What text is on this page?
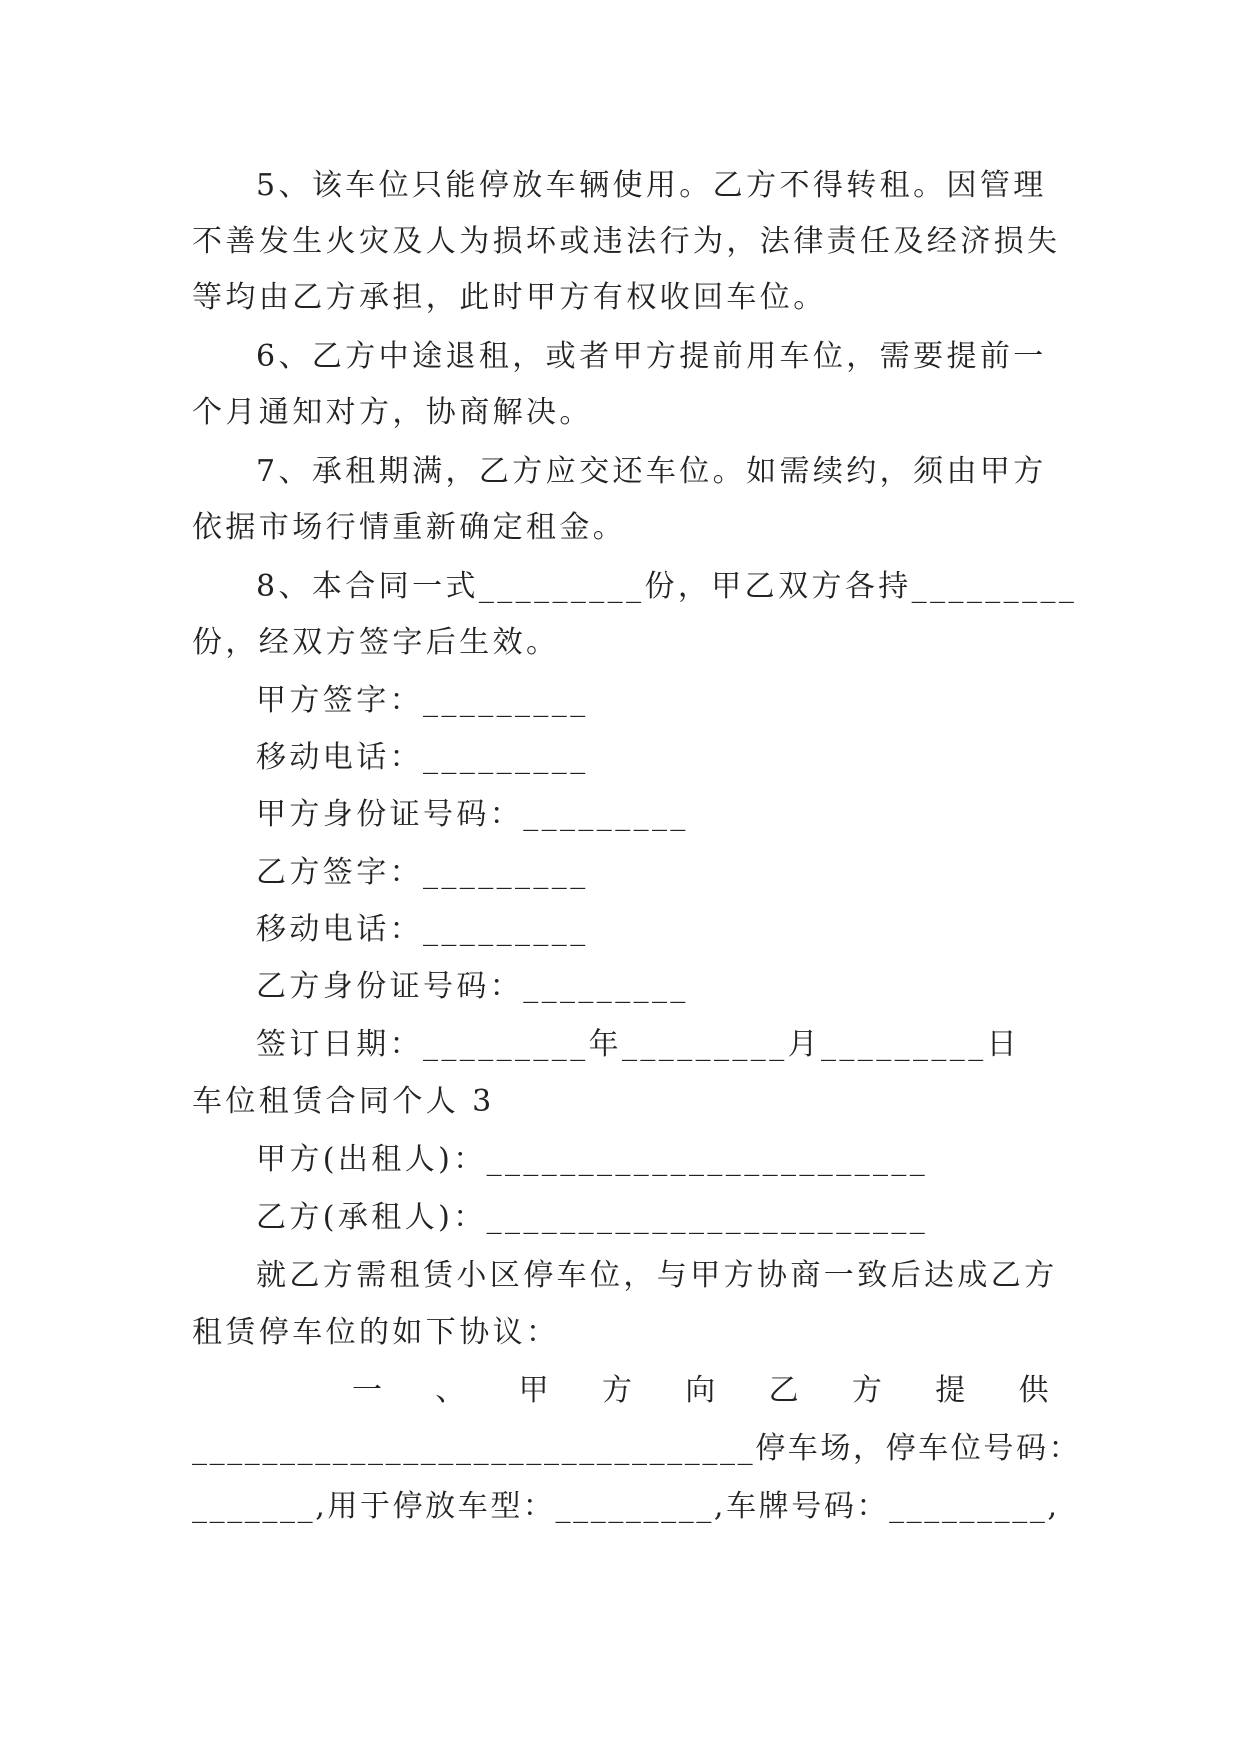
5、该车位只能停放车辆使用。乙方不得转租。因管理
不善发生火灾及人为损坏或违法行为，法律责任及经济损失
等均由乙方承担，此时甲方有权收回车位。
6、乙方中途退租，或者甲方提前用车位，需要提前一
个月通知对方，协商解决。
7、承租期满，乙方应交还车位。如需续约，须由甲方
依据市场行情重新确定租金。
8、本合同一式_________份，甲乙双方各持_________
份，经双方签字后生效。
甲方签字：_________
移动电话：_________
甲方身份证号码：_________
乙方签字：_________
移动电话：_________
乙方身份证号码：_________
签订日期：_________年_________月_________日
车位租赁合同个人 3
甲方(出租人)：________________________
乙方(承租人)：________________________
就乙方需租赁小区停车位，与甲方协商一致后达成乙方
租赁停车位的如下协议：
一 、 甲 方 向 乙 方 提 供
________________________________停车场，停车位号码：
_______,用于停放车型：_________,车牌号码：_________,
